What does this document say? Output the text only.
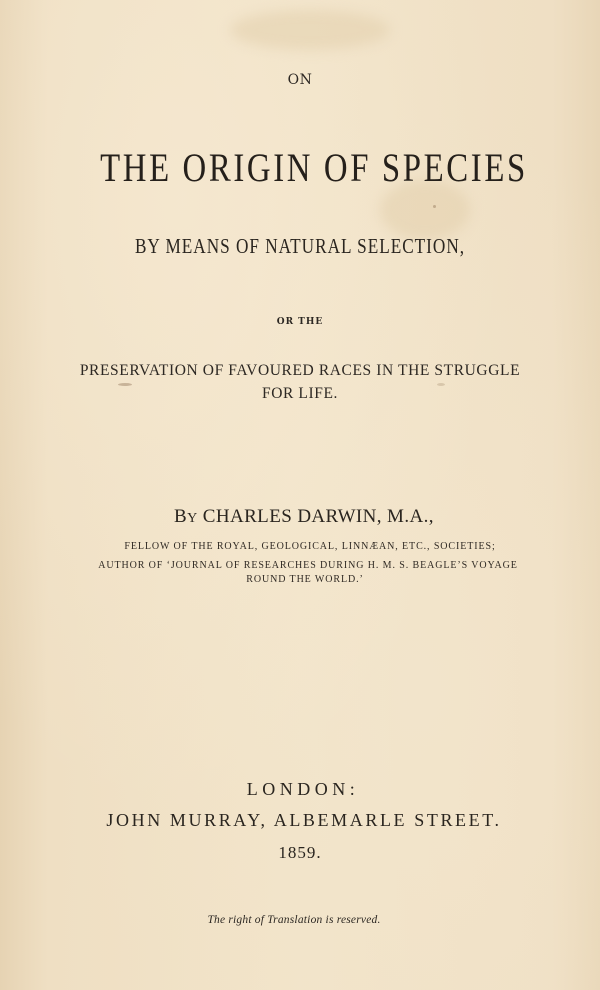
ON
THE ORIGIN OF SPECIES
BY MEANS OF NATURAL SELECTION,
OR THE
PRESERVATION OF FAVOURED RACES IN THE STRUGGLE
FOR LIFE.
BY CHARLES DARWIN, M.A.,
FELLOW OF THE ROYAL, GEOLOGICAL, LINNÆAN, ETC., SOCIETIES;
AUTHOR OF ‘JOURNAL OF RESEARCHES DURING H. M. S. BEAGLE’S VOYAGE
ROUND THE WORLD.’
LONDON:
JOHN MURRAY, ALBEMARLE STREET.
1859.
The right of Translation is reserved.
